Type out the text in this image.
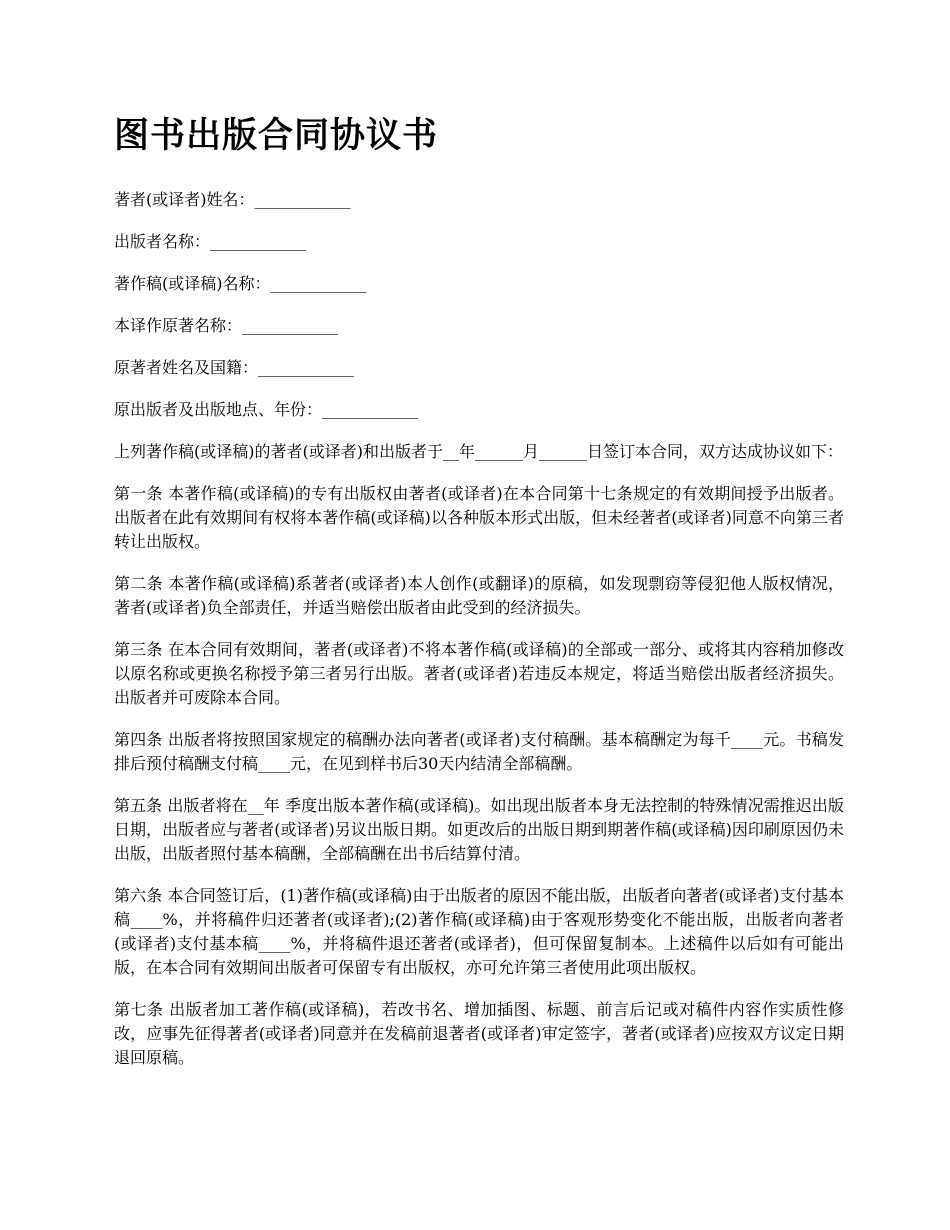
图书出版合同协议书

著者(或译者)姓名：____________

出版者名称：____________

著作稿(或译稿)名称：____________

本译作原著名称：____________

原著者姓名及国籍：____________

原出版者及出版地点、年份：____________

上列著作稿(或译稿)的著者(或译者)和出版者于__年______月______日签订本合同，双方达成协议如下：

第一条 本著作稿(或译稿)的专有出版权由著者(或译者)在本合同第十七条规定的有效期间授予出版者。出版者在此有效期间有权将本著作稿(或译稿)以各种版本形式出版，但未经著者(或译者)同意不向第三者转让出版权。

第二条 本著作稿(或译稿)系著者(或译者)本人创作(或翻译)的原稿，如发现剽窃等侵犯他人版权情况，著者(或译者)负全部责任，并适当赔偿出版者由此受到的经济损失。

第三条 在本合同有效期间，著者(或译者)不将本著作稿(或译稿)的全部或一部分、或将其内容稍加修改以原名称或更换名称授予第三者另行出版。著者(或译者)若违反本规定，将适当赔偿出版者经济损失。出版者并可废除本合同。

第四条 出版者将按照国家规定的稿酬办法向著者(或译者)支付稿酬。基本稿酬定为每千____元。书稿发排后预付稿酬支付稿____元，在见到样书后30天内结清全部稿酬。

第五条 出版者将在__年 季度出版本著作稿(或译稿)。如出现出版者本身无法控制的特殊情况需推迟出版日期，出版者应与著者(或译者)另议出版日期。如更改后的出版日期到期著作稿(或译稿)因印刷原因仍未出版，出版者照付基本稿酬，全部稿酬在出书后结算付清。

第六条 本合同签订后，(1)著作稿(或译稿)由于出版者的原因不能出版，出版者向著者(或译者)支付基本稿____%，并将稿件归还著者(或译者);(2)著作稿(或译稿)由于客观形势变化不能出版，出版者向著者(或译者)支付基本稿____%，并将稿件退还著者(或译者)，但可保留复制本。上述稿件以后如有可能出版，在本合同有效期间出版者可保留专有出版权，亦可允许第三者使用此项出版权。

第七条 出版者加工著作稿(或译稿)，若改书名、增加插图、标题、前言后记或对稿件内容作实质性修改，应事先征得著者(或译者)同意并在发稿前退著者(或译者)审定签字，著者(或译者)应按双方议定日期退回原稿。
